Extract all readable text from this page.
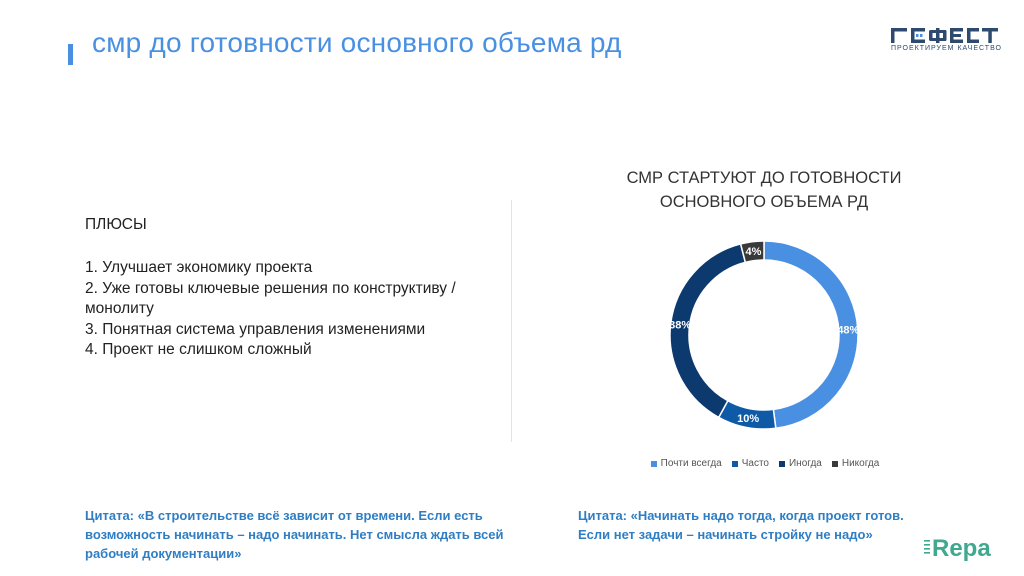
смр до готовности основного объема рд	ПРОЕКТИРУЕМ КАЧЕСТВО
ПЛЮСЫ
1. Улучшает экономику проекта
2. Уже готовы ключевые решения по конструктиву / монолиту
3. Понятная система управления изменениями
4. Проект не слишком сложный
СМР СТАРТУЮТ ДО ГОТОВНОСТИ
ОСНОВНОГО ОБЪЕМА РД
48%
10%
38%
4%
Почти всегда Часто Иногда Никогда
Цитата: «В строительстве всё зависит от времени. Если есть возможность начинать – надо начинать. Нет смысла ждать всей рабочей документации»
Цитата: «Начинать надо тогда, когда проект готов. Если нет задачи – начинать стройку не надо»
Repa
